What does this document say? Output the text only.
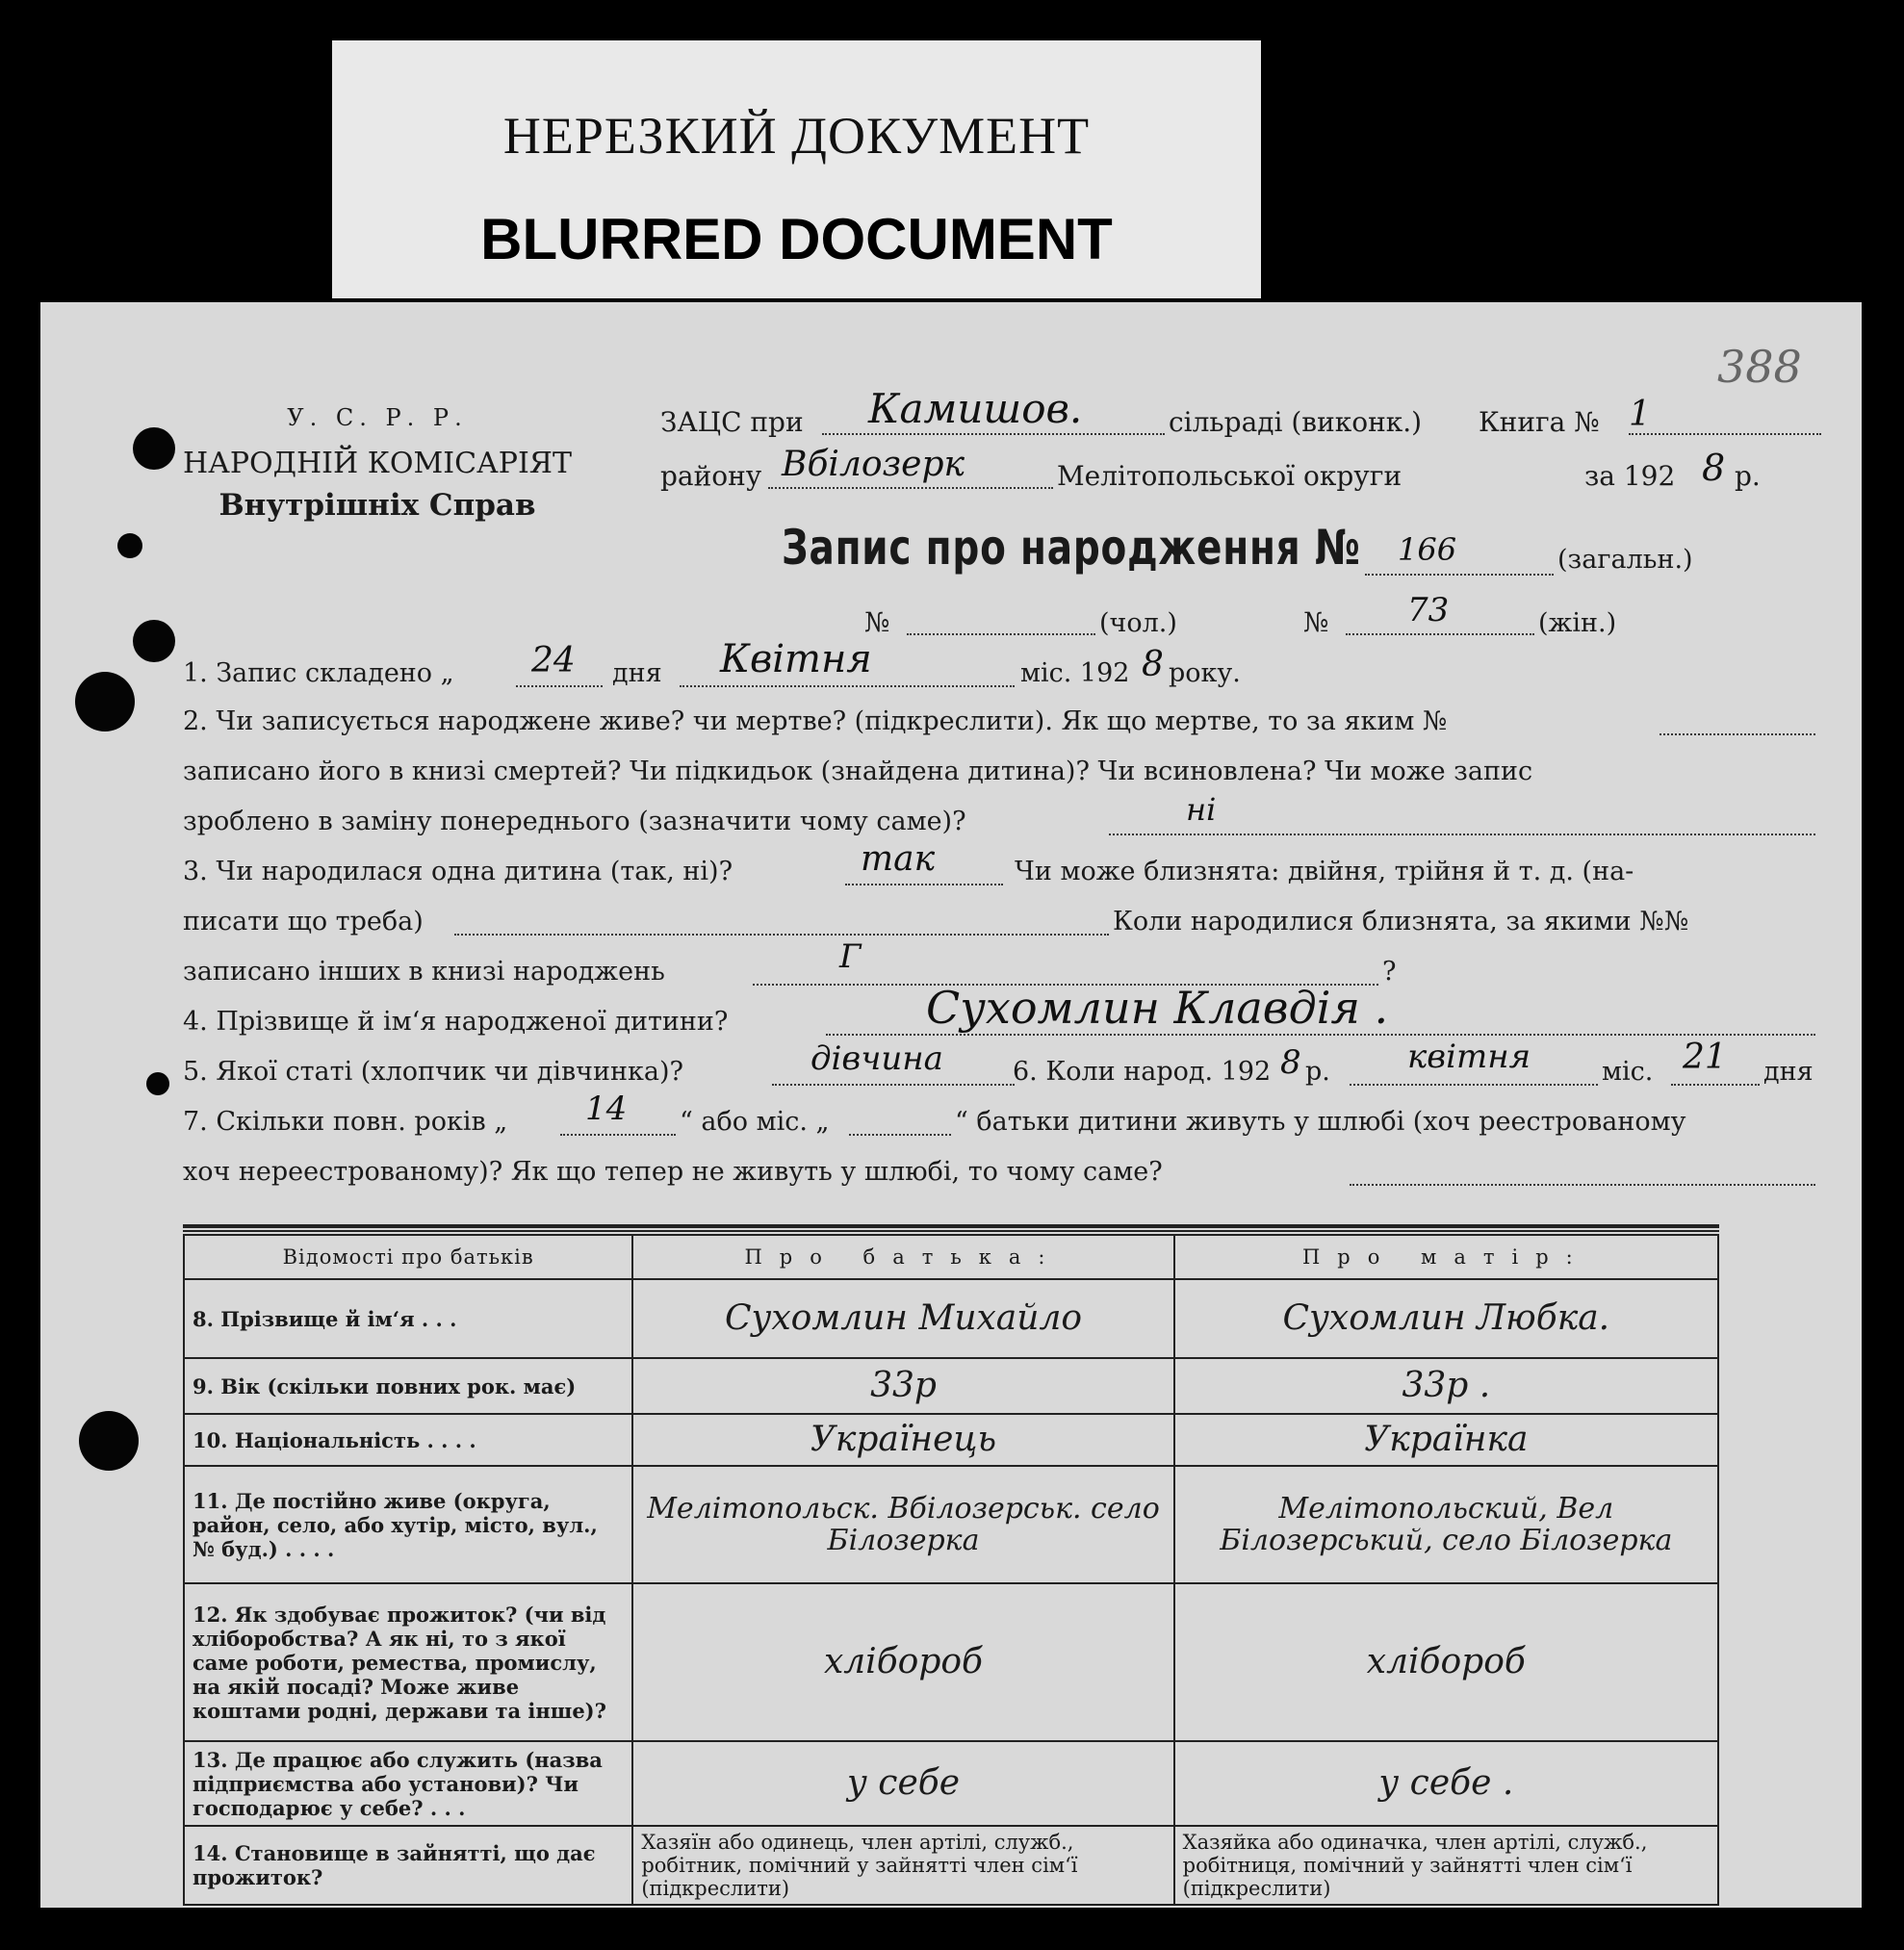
НЕРЕЗКИЙ ДОКУМЕНТ
BLURRED DOCUMENT
388
У. С. Р. Р.
НАРОДНІЙ КОМІСАРІЯТ
Внутрішніх Справ
ЗАЦС при Камишов.	сільраді (виконк.) Книга № 1
району Вбілозерк	Мелітопольської округи	за 192 8 р.
Запис про народження № 166	(загальн.)
№	(чол.)	№ 73	(жін.)
1. Запис складено „ 24 дня Квітня	міс. 192 8 року.
2. Чи записується народжене живе? чи мертве? (підкреслити). Як що мертве, то за яким №
записано його в книзі смертей? Чи підкидьок (знайдена дитина)? Чи всиновлена? Чи може запис
зроблено в заміну понереднього (зазначити чому саме)?	ні
3. Чи народилася одна дитина (так, ні)?	так	Чи може близнята: двійня, трійня й т. д. (на-
писати що треба)	Коли народилися близнята, за якими №№
записано інших в книзі народжень	Г	?
4. Прізвище й ім‘я народженої дитини?	Сухомлин Клавдія .
5. Якої статі (хлопчик чи дівчинка)?	дівчина	6. Коли народ. 192 8 р. квітня	міс. 21 дня
7. Скільки повн. років „ 14 “ або міс. „	“ батьки дитини живуть у шлюбі (хоч реестрованому
хоч нереестрованому)? Як що тепер не живуть у шлюбі, то чому саме?
Відомості про батьків	Про батька:	Про матір:
8. Прізвище й ім‘я . . .	Сухомлин Михайло	Сухомлин Любка.
9. Вік (скільки повних рок. має)	33р	33р .
10. Національність . . . .	Українець	Українка
11. Де постійно живе (округа, район, село, або хутір, місто, вул., № буд.) . . . .	Мелітопольск. Вбілозерськ. село Білозерка	Мелітопольский, Вел Білозерський, село Білозерка
12. Як здобуває прожиток? (чи від хліборобства? А як ні, то з якої саме роботи, ремества, промислу, на якій посаді? Може живе коштами родні, держави та інше)?	хлібороб	хлібороб
13. Де працює або служить (назва підприємства або установи)? Чи господарює у себе? . . .	у себе	у себе .
14. Становище в зайнятті, що дає прожиток?	Хазяїн або одинець, член артілі, служб., робітник, помічний у зайнятті член сім‘ї (підкреслити)	Хазяйка або одиначка, член артілі, служб., робітниця, помічний у зайнятті член сім‘ї (підкреслити)
